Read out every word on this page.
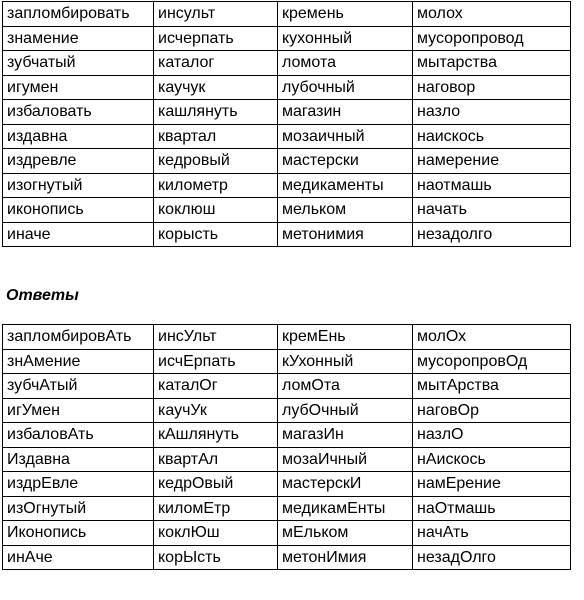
запломбировать	инсульт	кремень	молох
знамение	исчерпать	кухонный	мусоропровод
зубчатый	каталог	ломота	мытарства
игумен	каучук	лубочный	наговор
избаловать	кашлянуть	магазин	назло
издавна	квартал	мозаичный	наискось
издревле	кедровый	мастерски	намерение
изогнутый	километр	медикаменты	наотмашь
иконопись	коклюш	мельком	начать
иначе	корысть	метонимия	незадолго

Ответы

запломбировАть	инсУльт	кремЕнь	молОх
знАмение	исчЕрпать	кУхонный	мусоропровОд
зубчАтый	каталОг	ломОта	мытАрства
игУмен	каучУк	лубОчный	наговОр
избаловАть	кАшлянуть	магазИн	назлО
Издавна	квартАл	мозаИчный	нАискось
издрЕвле	кедрОвый	мастерскИ	намЕрение
изОгнутый	киломЕтр	медикамЕнты	наОтмашь
Иконопись	коклЮш	мЕльком	начАть
инАче	корЫсть	метонИмия	незадОлго
